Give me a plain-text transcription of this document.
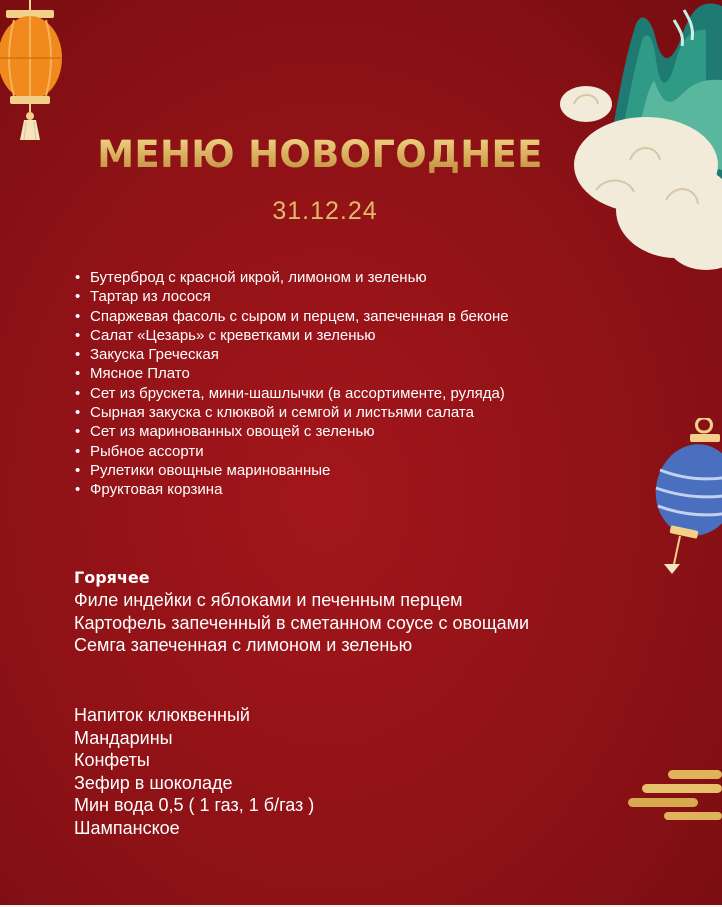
МЕНЮ НОВОГОДНЕЕ
31.12.24
• Бутерброд с красной икрой, лимоном и зеленью
• Тартар из лосося
• Спаржевая фасоль с сыром и перцем, запеченная в беконе
• Салат «Цезарь» с креветками и зеленью
• Закуска Греческая
• Мясное Плато
• Сет из брускета, мини-шашлычки (в ассортименте, руляда)
• Сырная закуска с клюквой и семгой и листьями салата
• Сет из маринованных овощей с зеленью
• Рыбное ассорти
• Рулетики овощные маринованные
• Фруктовая корзина
Горячее
Филе индейки с яблоками и печенным перцем
Картофель запеченный в сметанном соусе с овощами
Семга запеченная с лимоном и зеленью
Напиток клюквенный
Мандарины
Конфеты
Зефир в шоколаде
Мин вода 0,5 ( 1 газ, 1 б/газ )
Шампанское
